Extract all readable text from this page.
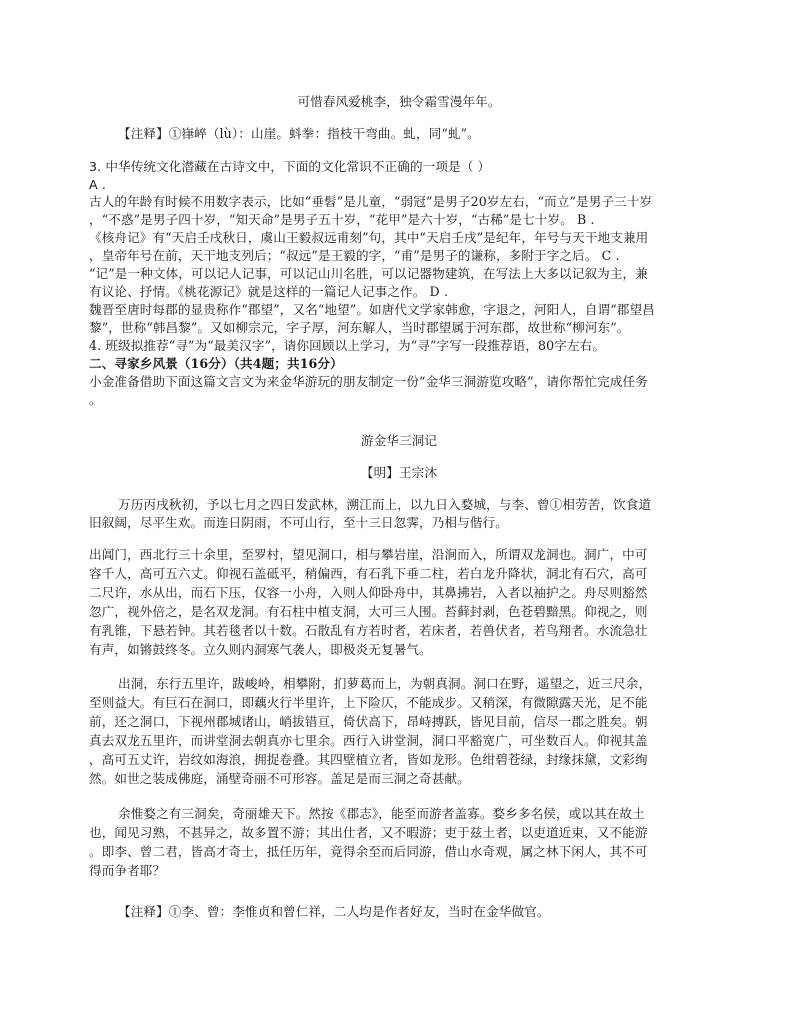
可惜春风爱桃李，独令霜雪漫年年。
【注释】①嵂崪（lù）：山崖。蚪拳：指枝干弯曲。虬，同“虬”。
3. 中华传统文化潜藏在古诗文中，下面的文化常识不正确的一项是（ ）
A .
古人的年龄有时候不用数字表示，比如“垂髫”是儿童，“弱冠”是男子20岁左右，“而立”是男子三十岁
，“不惑”是男子四十岁，“知天命”是男子五十岁，“花甲”是六十岁，“古稀”是七十岁。 B .
《核舟记》有“天启壬戌秋日，虞山王毅叔远甫刻”句，其中“天启壬戌”是纪年，年号与天干地支兼用
，皇帝年号在前，天干地支列后；“叔远”是王毅的字，“甫”是男子的谦称，多附于字之后。 C .
“记”是一种文体，可以记人记事，可以记山川名胜，可以记器物建筑，在写法上大多以记叙为主，兼
有议论、抒情。《桃花源记》就是这样的一篇记人记事之作。 D .
魏晋至唐时每郡的显贵称作“郡望”，又名“地望”。如唐代文学家韩愈，字退之，河阳人，自谓“郡望昌
黎”，世称“韩昌黎”。又如柳宗元，字子厚，河东解人，当时郡望属于河东郡，故世称“柳河东”。
4. 班级拟推荐“寻”为“最美汉字”，请你回顾以上学习，为“寻”字写一段推荐语，80字左右。
二、寻家乡风景（16分）（共4题；共16分）
小金准备借助下面这篇文言文为来金华游玩的朋友制定一份“金华三洞游览攻略”，请你帮忙完成任务
。
游金华三洞记
【明】王宗沐
万历丙戌秋初，予以七月之四日发武林，溯江而上，以九日入婺城，与李、曾①相劳苦，饮食道
旧叙阔，尽平生欢。而连日阴雨，不可山行，至十三日忽霁，乃相与偕行。
出阊门，西北行三十余里，至罗村，望见洞口，相与攀岩崖，沿涧而入，所谓双龙洞也。洞广，中可
容千人，高可五六丈。仰视石盖砥平，稍偏西，有石乳下垂二柱，若白龙升降状，洞北有石穴，高可
二尺许，水从出，而石下压，仅容一小舟，入则人仰卧舟中，其鼻拂岩，入者以袖护之。舟尽则豁然
忽广，视外倍之，是名双龙洞。有石柱中植支洞，大可三人围。苔藓封剥，色苍碧黯黑。仰视之，则
有乳锥，下悬若钟。其若毯者以十数。石散乱有方若时者，若床者，若兽伏者，若鸟翔者。水流急壮
有声，如锵鼓终冬。立久则内洞寒气袭人，即极炎无复暑气。
出洞，东行五里许，跋峻岭，相攀附，扪萝葛而上，为朝真洞。洞口在野，遥望之，近三尺余，
至则益大。有巨石在洞口，即藕火行半里许，上下险仄，不能成步。又稍深，有微隙露天光，足不能
前，还之洞口，下视州郡城诸山，峭拔错亘，倚伏高下，昂峙搏跃，皆见目前，信尽一郡之胜矣。朝
真去双龙五里许，而讲堂洞去朝真亦七里余。西行入讲堂洞，洞口平豁宽广，可坐数百人。仰视其盖
，高可五丈许，岩纹如海浪，拥捉卷叠。其四壁植立者，皆如龙形。色绀碧苍绿，封缘抹黛，文彩绚
然。如世之装成佛庭，涌壁奇丽不可形容。盖足是而三洞之奇甚献。
余惟婺之有三洞矣，奇丽雄天下。然按《郡志》，能至而游者盖寡。婺乡多名侯，或以其在故土
也，闻见习熟，不甚异之，故多置不游；其出仕者，又不暇游；吏于兹土者，以吏道近束，又不能游
。即李、曾二君，皆高才奇士，抵任历年，竟得余至而后同游，借山水奇观，属之林下闲人，其不可
得而争者耶？
【注释】①李、曾：李惟贞和曾仁祥，二人均是作者好友，当时在金华做官。
